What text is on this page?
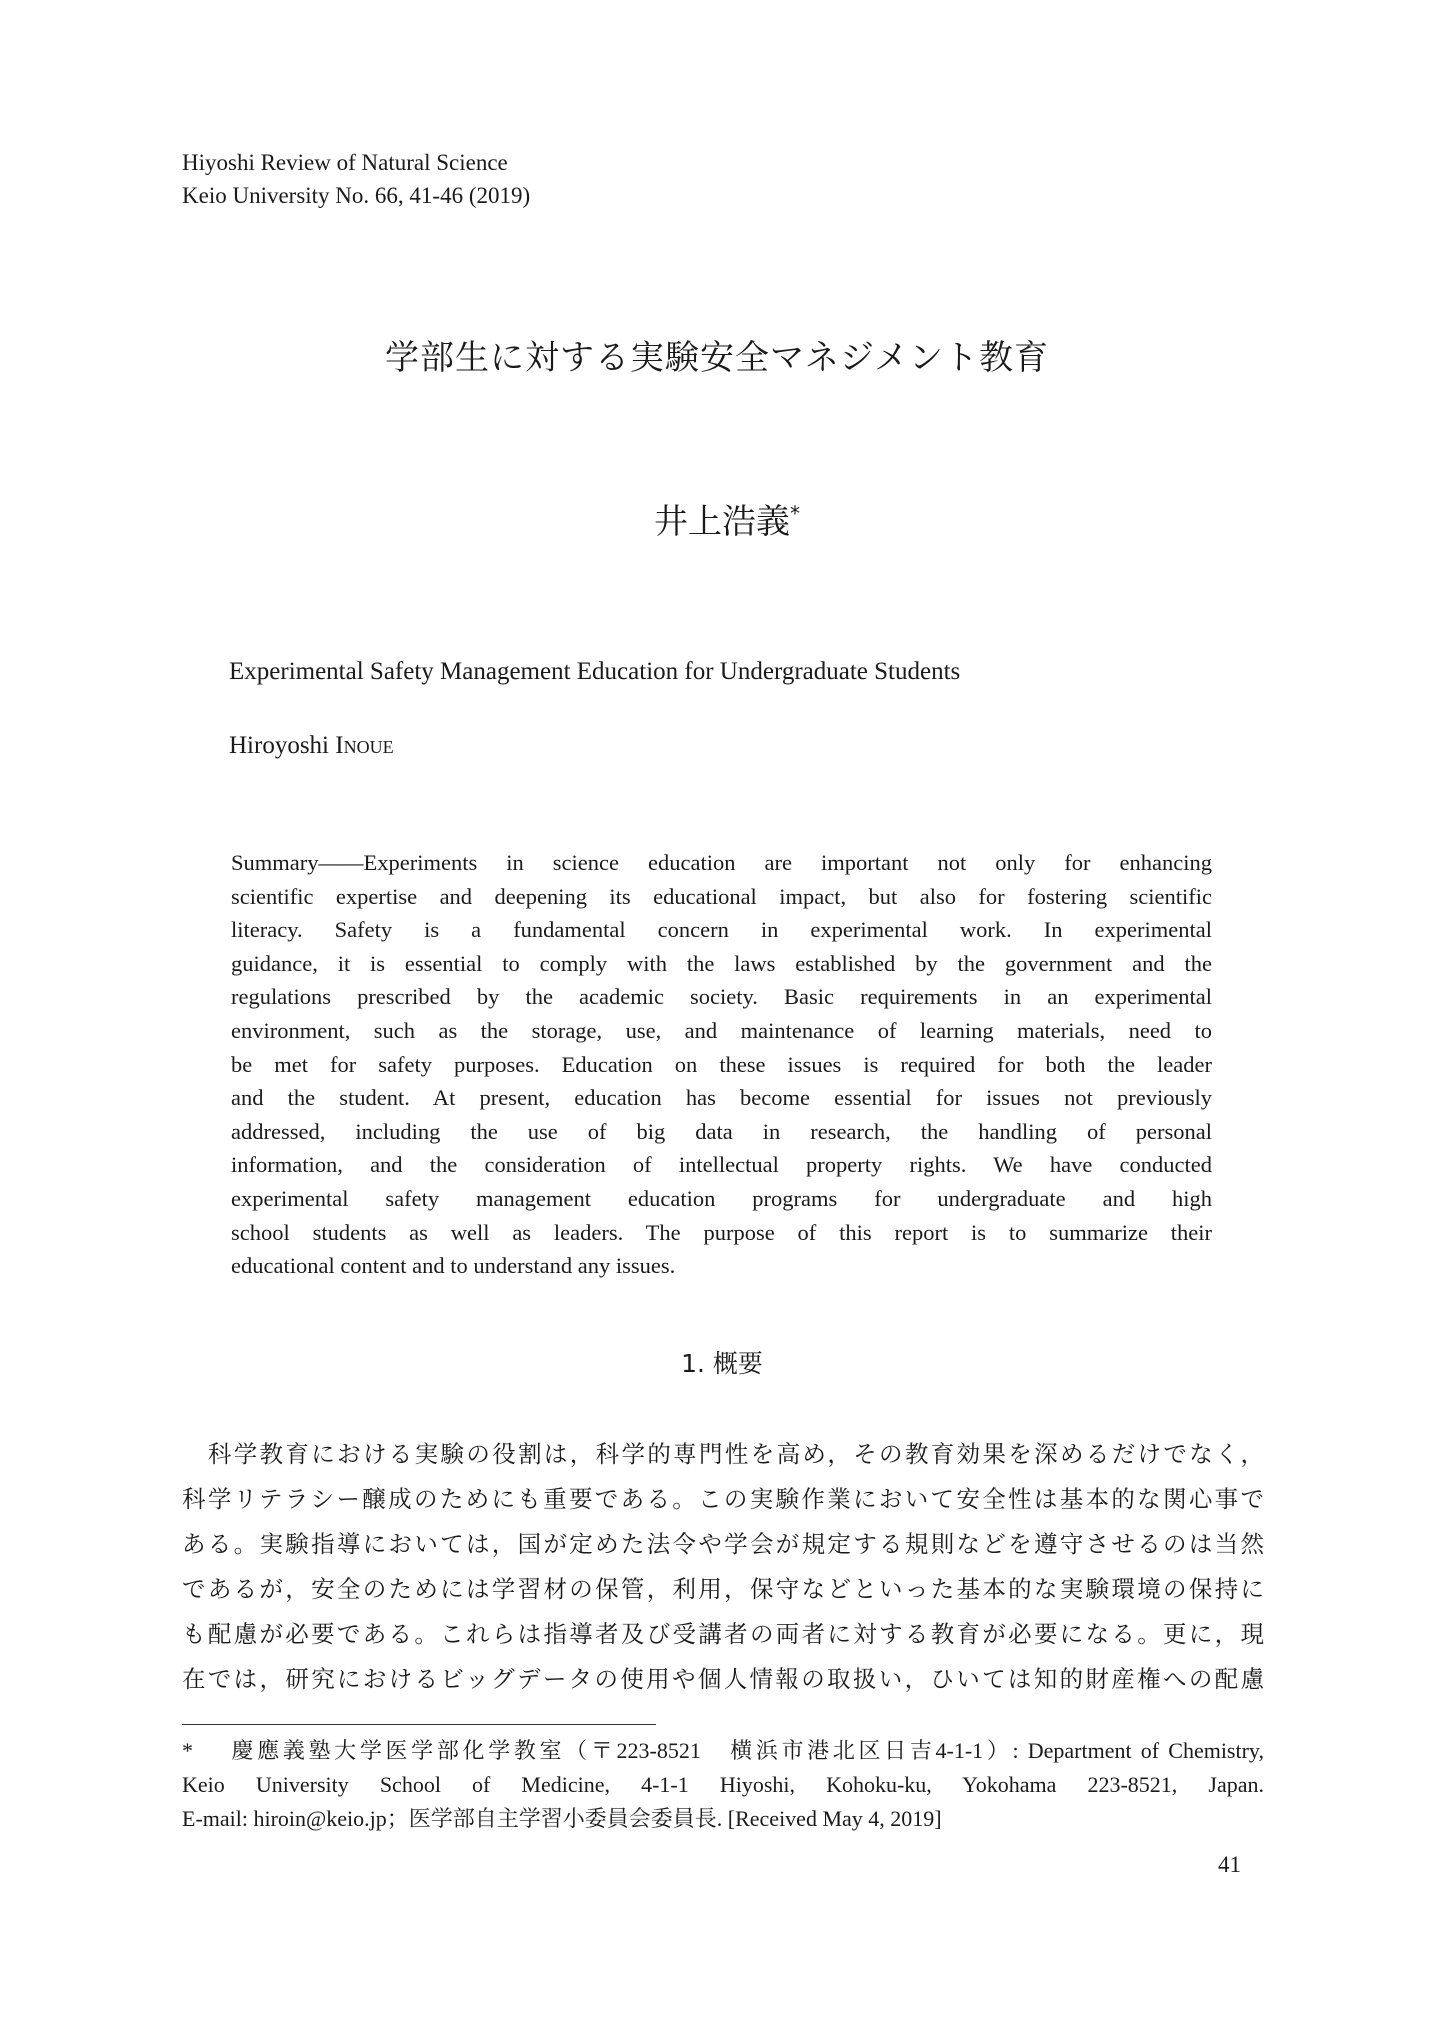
Hiyoshi Review of Natural Science
Keio University No. 66, 41-46 (2019)
学部生に対する実験安全マネジメント教育
井上浩義*
Experimental Safety Management Education for Undergraduate Students
Hiroyoshi Inoue
Summary——Experiments in science education are important not only for enhancing
scientific expertise and deepening its educational impact, but also for fostering scientific
literacy. Safety is a fundamental concern in experimental work. In experimental
guidance, it is essential to comply with the laws established by the government and the
regulations prescribed by the academic society. Basic requirements in an experimental
environment, such as the storage, use, and maintenance of learning materials, need to
be met for safety purposes. Education on these issues is required for both the leader
and the student. At present, education has become essential for issues not previously
addressed, including the use of big data in research, the handling of personal
information, and the consideration of intellectual property rights. We have conducted
experimental safety management education programs for undergraduate and high
school students as well as leaders. The purpose of this report is to summarize their
educational content and to understand any issues.
1. 概要
　科学教育における実験の役割は，科学的専門性を高め，その教育効果を深めるだけでなく，
科学リテラシー醸成のためにも重要である。この実験作業において安全性は基本的な関心事で
ある。実験指導においては，国が定めた法令や学会が規定する規則などを遵守させるのは当然
であるが，安全のためには学習材の保管，利用，保守などといった基本的な実験環境の保持に
も配慮が必要である。これらは指導者及び受講者の両者に対する教育が必要になる。更に，現
在では，研究におけるビッグデータの使用や個人情報の取扱い，ひいては知的財産権への配慮
*　 慶應義塾大学医学部化学教室（〒223-8521　横浜市港北区日吉4-1-1）: Department of Chemistry,
Keio University School of Medicine, 4-1-1 Hiyoshi, Kohoku-ku, Yokohama 223-8521, Japan.
E-mail: hiroin@keio.jp；医学部自主学習小委員会委員長. [Received May 4, 2019]
41
